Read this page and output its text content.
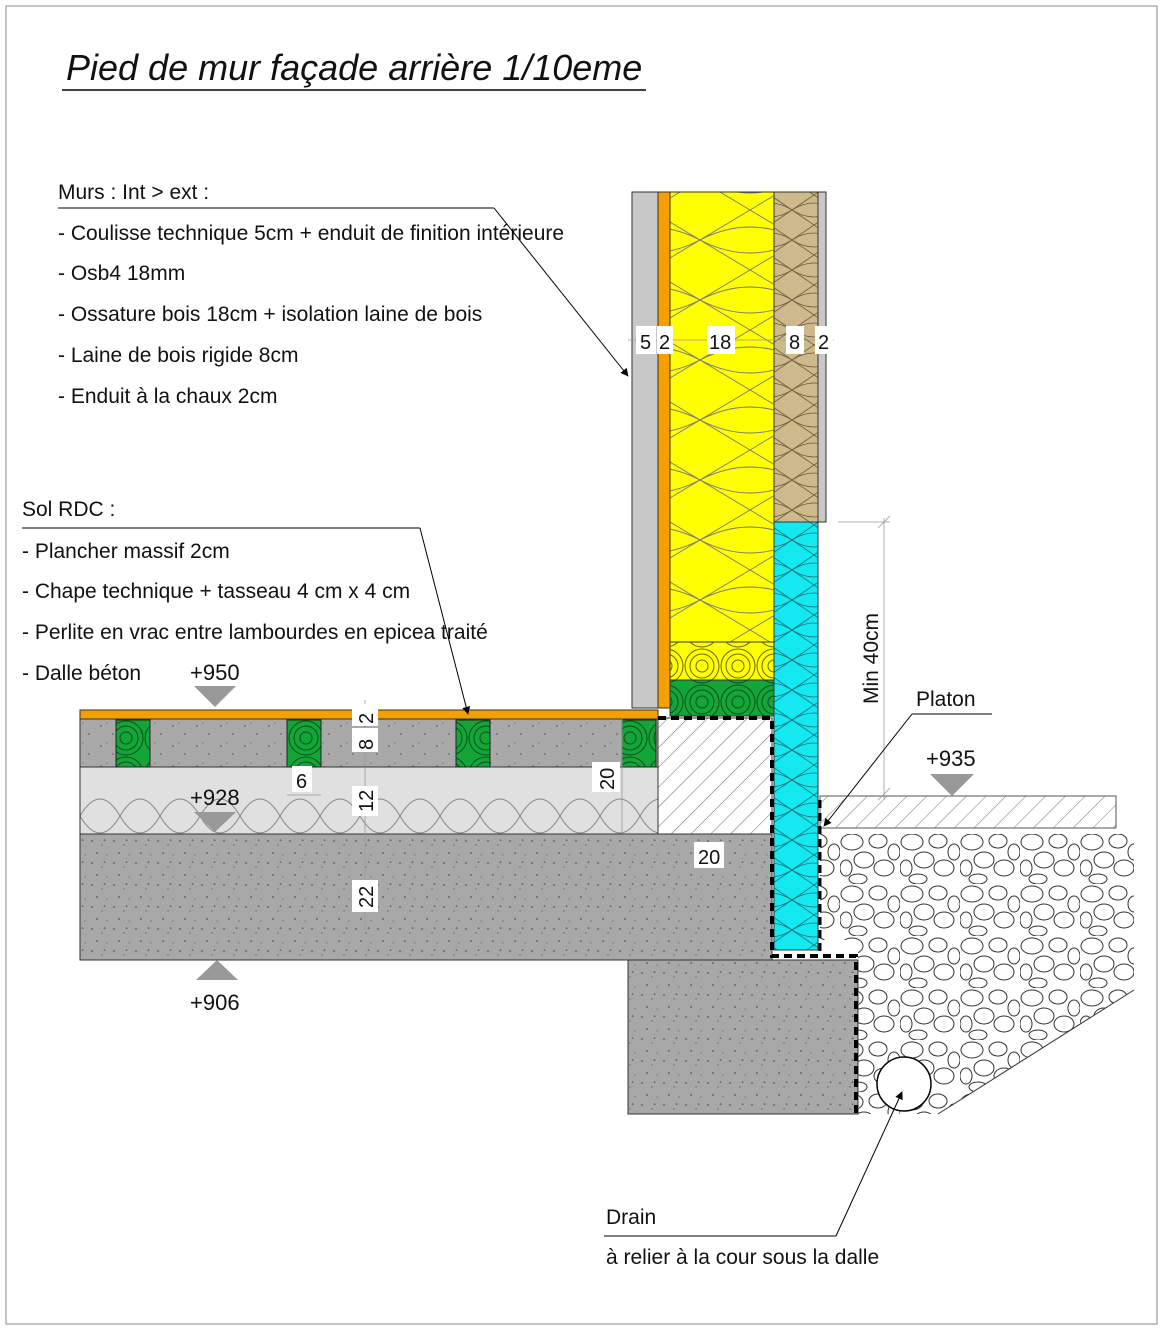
Pied de mur façade arrière 1/10eme
5 2 18	8 2
2
8
12
22
6	20
20
+950
+928
+906
+935
Min 40cm
Murs : Int > ext :
- Coulisse technique 5cm + enduit de finition intérieure
- Osb4 18mm
- Ossature bois 18cm + isolation laine de bois
- Laine de bois rigide 8cm
- Enduit à la chaux 2cm
Sol RDC :
- Plancher massif 2cm
- Chape technique + tasseau 4 cm x 4 cm
- Perlite en vrac entre lambourdes en epicea traité
- Dalle béton
Platon
Drain
à relier à la cour sous la dalle
